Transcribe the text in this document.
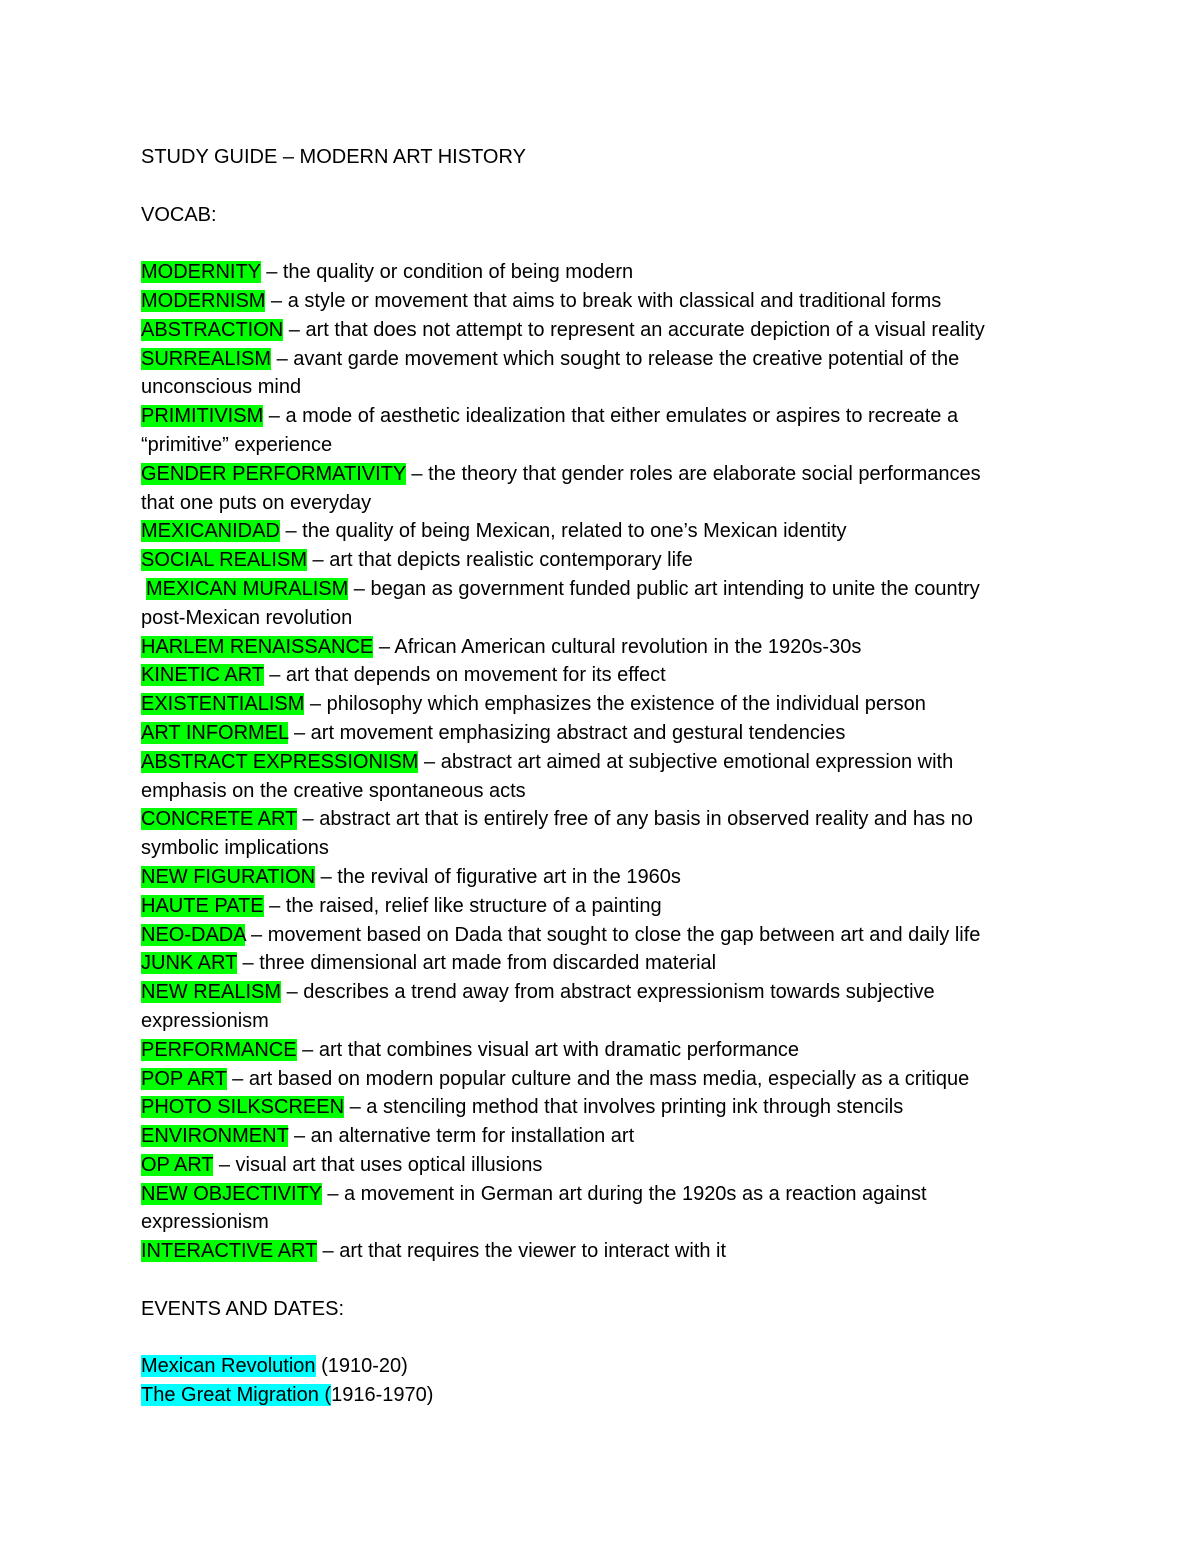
STUDY GUIDE – MODERN ART HISTORY

VOCAB:

MODERNITY – the quality or condition of being modern

MODERNISM – a style or movement that aims to break with classical and traditional forms

ABSTRACTION – art that does not attempt to represent an accurate depiction of a visual reality

SURREALISM – avant garde movement which sought to release the creative potential of the

unconscious mind

PRIMITIVISM – a mode of aesthetic idealization that either emulates or aspires to recreate a

“primitive” experience

GENDER PERFORMATIVITY – the theory that gender roles are elaborate social performances

that one puts on everyday

MEXICANIDAD – the quality of being Mexican, related to one’s Mexican identity

SOCIAL REALISM – art that depicts realistic contemporary life

MEXICAN MURALISM – began as government funded public art intending to unite the country

post-Mexican revolution

HARLEM RENAISSANCE – African American cultural revolution in the 1920s-30s

KINETIC ART – art that depends on movement for its effect

EXISTENTIALISM – philosophy which emphasizes the existence of the individual person

ART INFORMEL – art movement emphasizing abstract and gestural tendencies

ABSTRACT EXPRESSIONISM – abstract art aimed at subjective emotional expression with

emphasis on the creative spontaneous acts

CONCRETE ART – abstract art that is entirely free of any basis in observed reality and has no

symbolic implications

NEW FIGURATION – the revival of figurative art in the 1960s

HAUTE PATE – the raised, relief like structure of a painting

NEO-DADA – movement based on Dada that sought to close the gap between art and daily life

JUNK ART – three dimensional art made from discarded material

NEW REALISM – describes a trend away from abstract expressionism towards subjective

expressionism

PERFORMANCE – art that combines visual art with dramatic performance

POP ART – art based on modern popular culture and the mass media, especially as a critique

PHOTO SILKSCREEN – a stenciling method that involves printing ink through stencils

ENVIRONMENT – an alternative term for installation art

OP ART – visual art that uses optical illusions

NEW OBJECTIVITY – a movement in German art during the 1920s as a reaction against

expressionism

INTERACTIVE ART – art that requires the viewer to interact with it

EVENTS AND DATES:

Mexican Revolution (1910-20)

The Great Migration (1916-1970)
